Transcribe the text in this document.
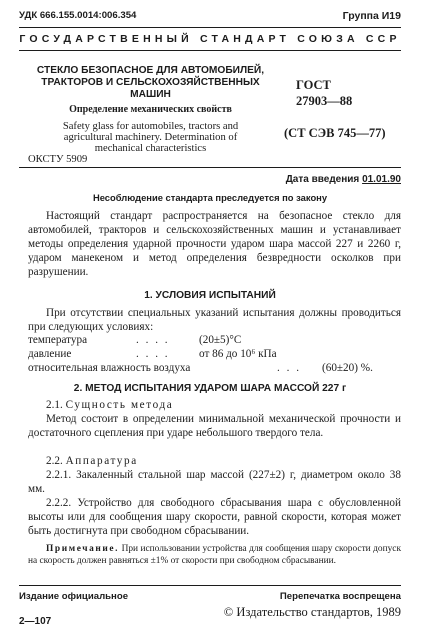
УДК 666.155.0014:006.354	Группа И19
ГОСУДАРСТВЕННЫЙ СТАНДАРТ СОЮЗА ССР
СТЕКЛО БЕЗОПАСНОЕ ДЛЯ АВТОМОБИЛЕЙ,
ТРАКТОРОВ И СЕЛЬСКОХОЗЯЙСТВЕННЫХ
МАШИН
Определение механических свойств
Safety glass for automobiles, tractors and
agricultural machinery. Determination of
mechanical characteristics
ГОСТ
27903—88
(СТ СЭВ 745—77)
ОКСТУ 5909
Дата введения 01.01.90
Несоблюдение стандарта преследуется по закону

Настоящий стандарт распространяется на безопасное стекло для автомобилей, тракторов и сельскохозяйственных машин и устанавливает методы определения ударной прочности ударом шара массой 227 и 2260 г, ударом манекеном и метод определения безвредности осколков при разрушении.

1. УСЛОВИЯ ИСПЫТАНИЙ

При отсутствии специальных указаний испытания должны проводиться при следующих условиях:

температура	. . . .	(20±5)°С
давление	. . . .	от 86 до 10⁶ кПа
относительная влажность воздуха	. . . (60±20) %.
2. МЕТОД ИСПЫТАНИЯ УДАРОМ ШАРА МАССОЙ 227 г
2.1. Сущность метода

Метод состоит в определении минимальной механической прочности и достаточного сцепления при ударе небольшого твердого тела.

2.2. Аппаратура

2.2.1. Закаленный стальной шар массой (227±2) г, диаметром около 38 мм.

2.2.2. Устройство для свободного сбрасывания шара с обусловленной высоты или для сообщения шару скорости, равной скорости, которая может быть достигнута при свободном сбрасывании.

Примечание. При использовании устройства для сообщения шару скорости допуск на скорость должен равняться ±1% от скорости при свободном сбрасывании.

Издание официальное	Перепечатка воспрещена
© Издательство стандартов, 1989
2—107
